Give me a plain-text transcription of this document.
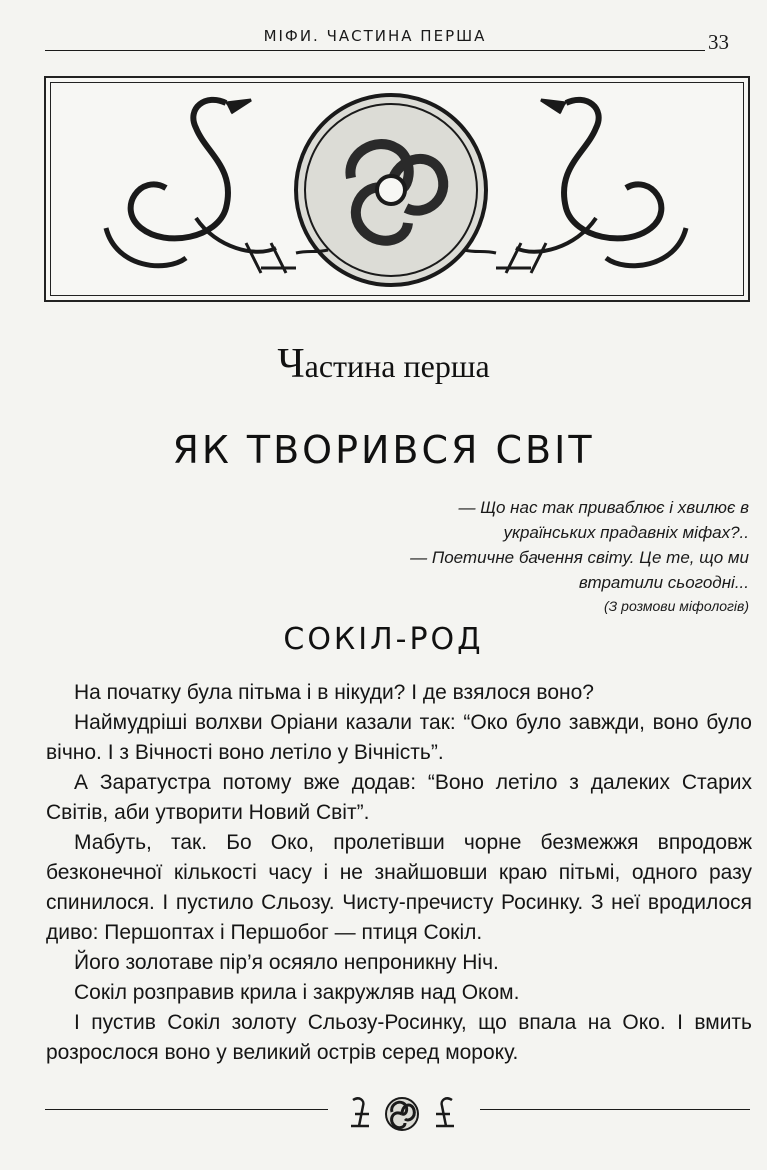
МІФИ. ЧАСТИНА ПЕРША	33
Частина перша
ЯК ТВОРИВСЯ СВІТ
— Що нас так приваблює і хвилює в
українських прадавніх міфах?..
— Поетичне бачення світу. Це те, що ми
втратили сьогодні...
(З розмови міфологів)
СОКІЛ-РОД

На початку була пітьма і в нікуди? І де взялося воно?

Наймудріші волхви Оріани казали так: “Око було завжди, воно було вічно. І з Вічності воно летіло у Вічність”.

А Заратустра потому вже додав: “Воно летіло з далеких Старих Світів, аби утворити Новий Світ”.

Мабуть, так. Бо Око, пролетівши чорне безмежжя впродовж безконечної кількості часу і не знайшовши краю пітьмі, одного разу спинилося. І пустило Сльозу. Чисту-пречисту Росинку. З неї вродилося диво: Першоптах і Першобог — птиця Сокіл.

Його золотаве пір’я осяяло непроникну Ніч.

Сокіл розправив крила і закружляв над Оком.

І пустив Сокіл золоту Сльозу-Росинку, що впала на Око. І вмить розрослося воно у великий острів серед мороку.
